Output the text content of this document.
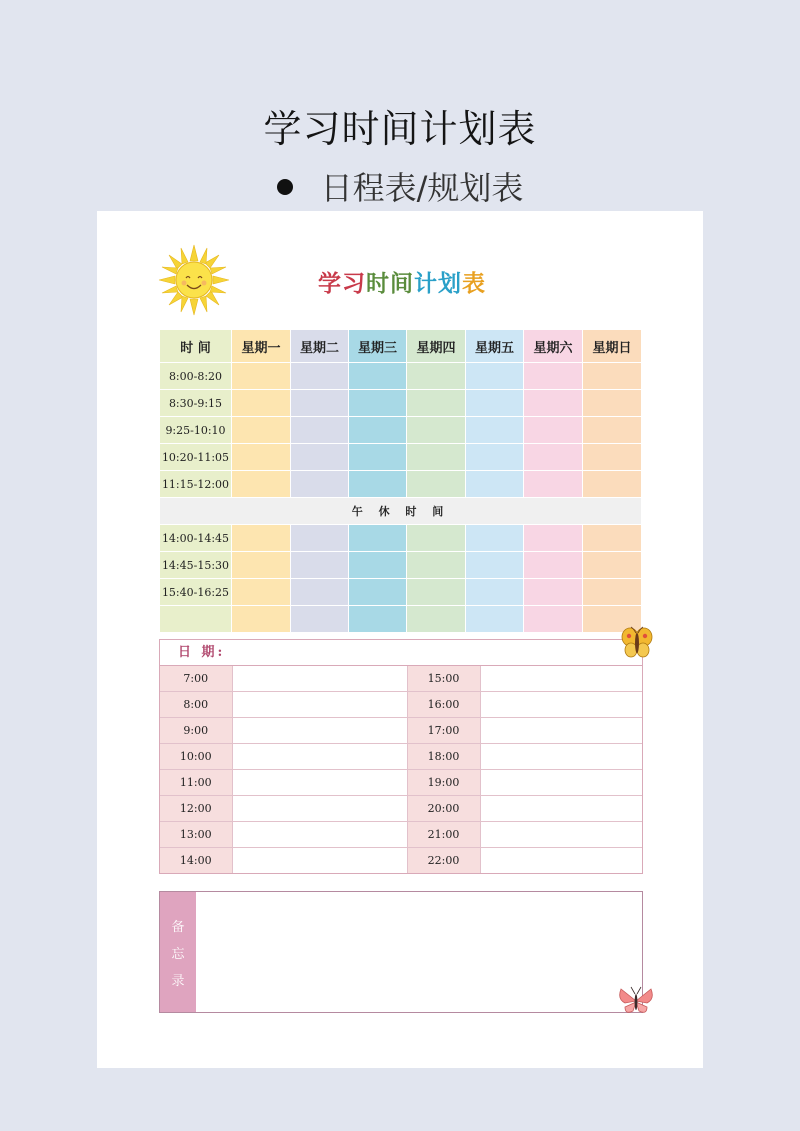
学习时间计划表
日程表/规划表
学习时间计划表
时 间	星期一	星期二	星期三	星期四	星期五	星期六	星期日
8:00-8:20							
8:30-9:15							
9:25-10:10							
10:20-11:05							
11:15-12:00							
午 休 时 间							
14:00-14:45							
14:45-15:30							
15:40-16:25							

日 期:
7:00		15:00	
8:00		16:00	
9:00		17:00	
10:00		18:00	
11:00		19:00	
12:00		20:00	
13:00		21:00	
14:00		22:00	
备
忘
录
